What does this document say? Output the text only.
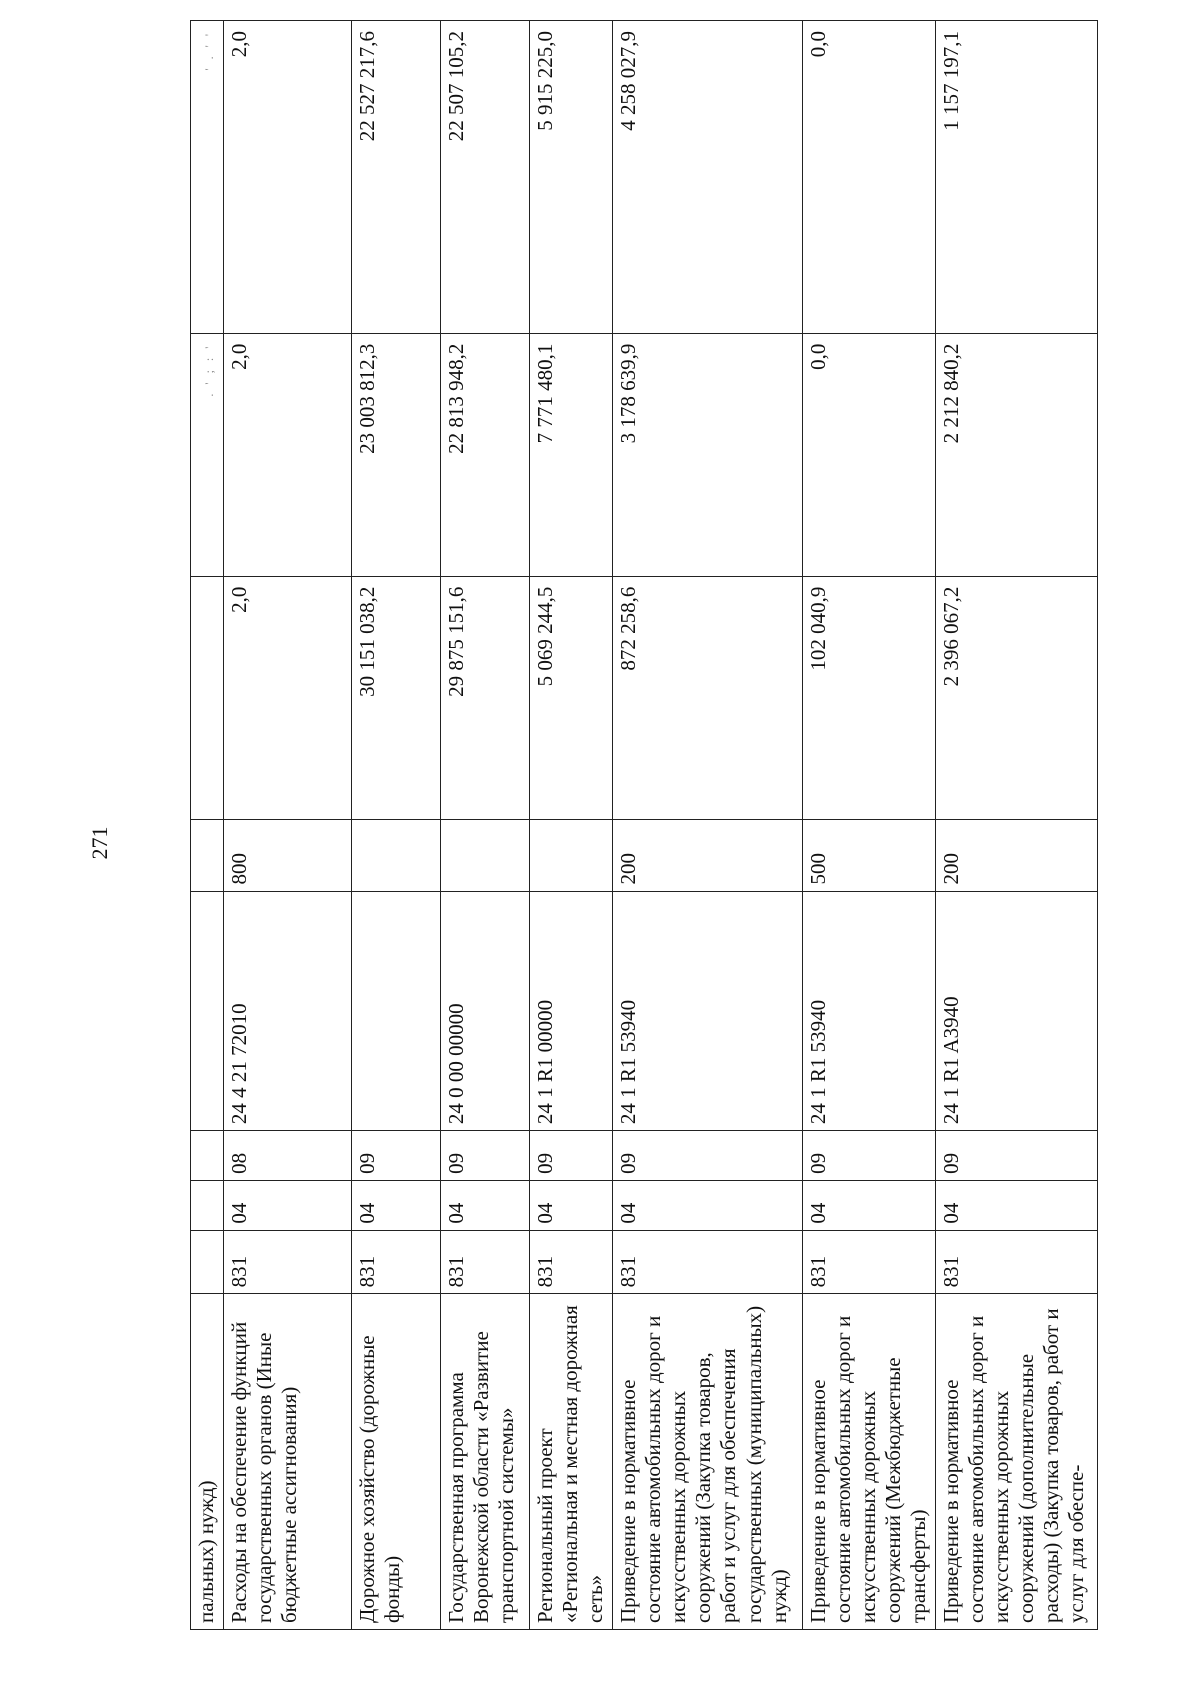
271
пальных) нужд)							. ' ; : '	' . ' '
Расходы на обеспечение функций государственных органов (Иные бюджетные ассигнования)	831	04	08	24 4 21 72010	800	2,0	2,0	2,0
Дорожное хозяйство (дорожные фонды)	831	04	09			30 151 038,2	23 003 812,3	22 527 217,6
Государственная программа Воронежской области «Развитие транспортной системы»	831	04	09	24 0 00 00000		29 875 151,6	22 813 948,2	22 507 105,2
Региональный проект «Региональная и местная дорожная сеть»	831	04	09	24 1 R1 00000		5 069 244,5	7 771 480,1	5 915 225,0
Приведение в нормативное состояние автомобильных дорог и искусственных дорожных сооружений (Закупка товаров, работ и услуг для обеспечения государственных (муниципальных) нужд)	831	04	09	24 1 R1 53940	200	872 258,6	3 178 639,9	4 258 027,9
Приведение в нормативное состояние автомобильных дорог и искусственных дорожных сооружений (Межбюджетные трансферты)	831	04	09	24 1 R1 53940	500	102 040,9	0,0	0,0
Приведение в нормативное состояние автомобильных дорог и искусственных дорожных сооружений (дополнительные расходы) (Закупка товаров, работ и услуг для обеспе-	831	04	09	24 1 R1 A3940	200	2 396 067,2	2 212 840,2	1 157 197,1
